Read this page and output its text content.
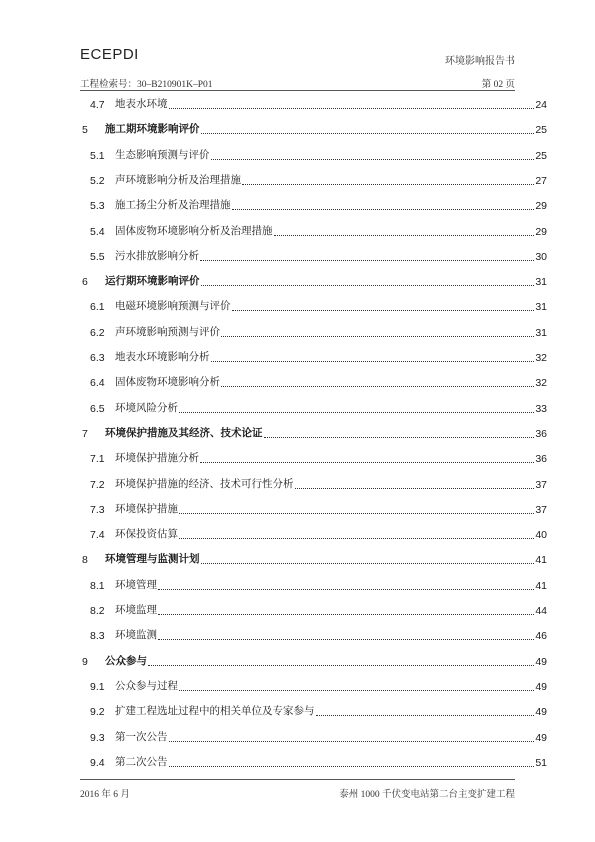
ECEPDI	环境影响报告书
工程检索号：30–B210901K–P01	第 02 页
4.7 地表水环境	24
5	施工期环境影响评价	25
5.1 生态影响预测与评价	25
5.2 声环境影响分析及治理措施	27
5.3 施工扬尘分析及治理措施	29
5.4 固体废物环境影响分析及治理措施	29
5.5 污水排放影响分析	30
6	运行期环境影响评价	31
6.1 电磁环境影响预测与评价	31
6.2 声环境影响预测与评价	31
6.3 地表水环境影响分析	32
6.4 固体废物环境影响分析	32
6.5 环境风险分析	33
7	环境保护措施及其经济、技术论证	36
7.1 环境保护措施分析	36
7.2 环境保护措施的经济、技术可行性分析	37
7.3 环境保护措施	37
7.4 环保投资估算	40
8	环境管理与监测计划	41
8.1 环境管理	41
8.2 环境监理	44
8.3 环境监测	46
9	公众参与	49
9.1 公众参与过程	49
9.2 扩建工程选址过程中的相关单位及专家参与	49
9.3 第一次公告	49
9.4 第二次公告	51
2016 年 6 月	泰州 1000 千伏变电站第二台主变扩建工程
